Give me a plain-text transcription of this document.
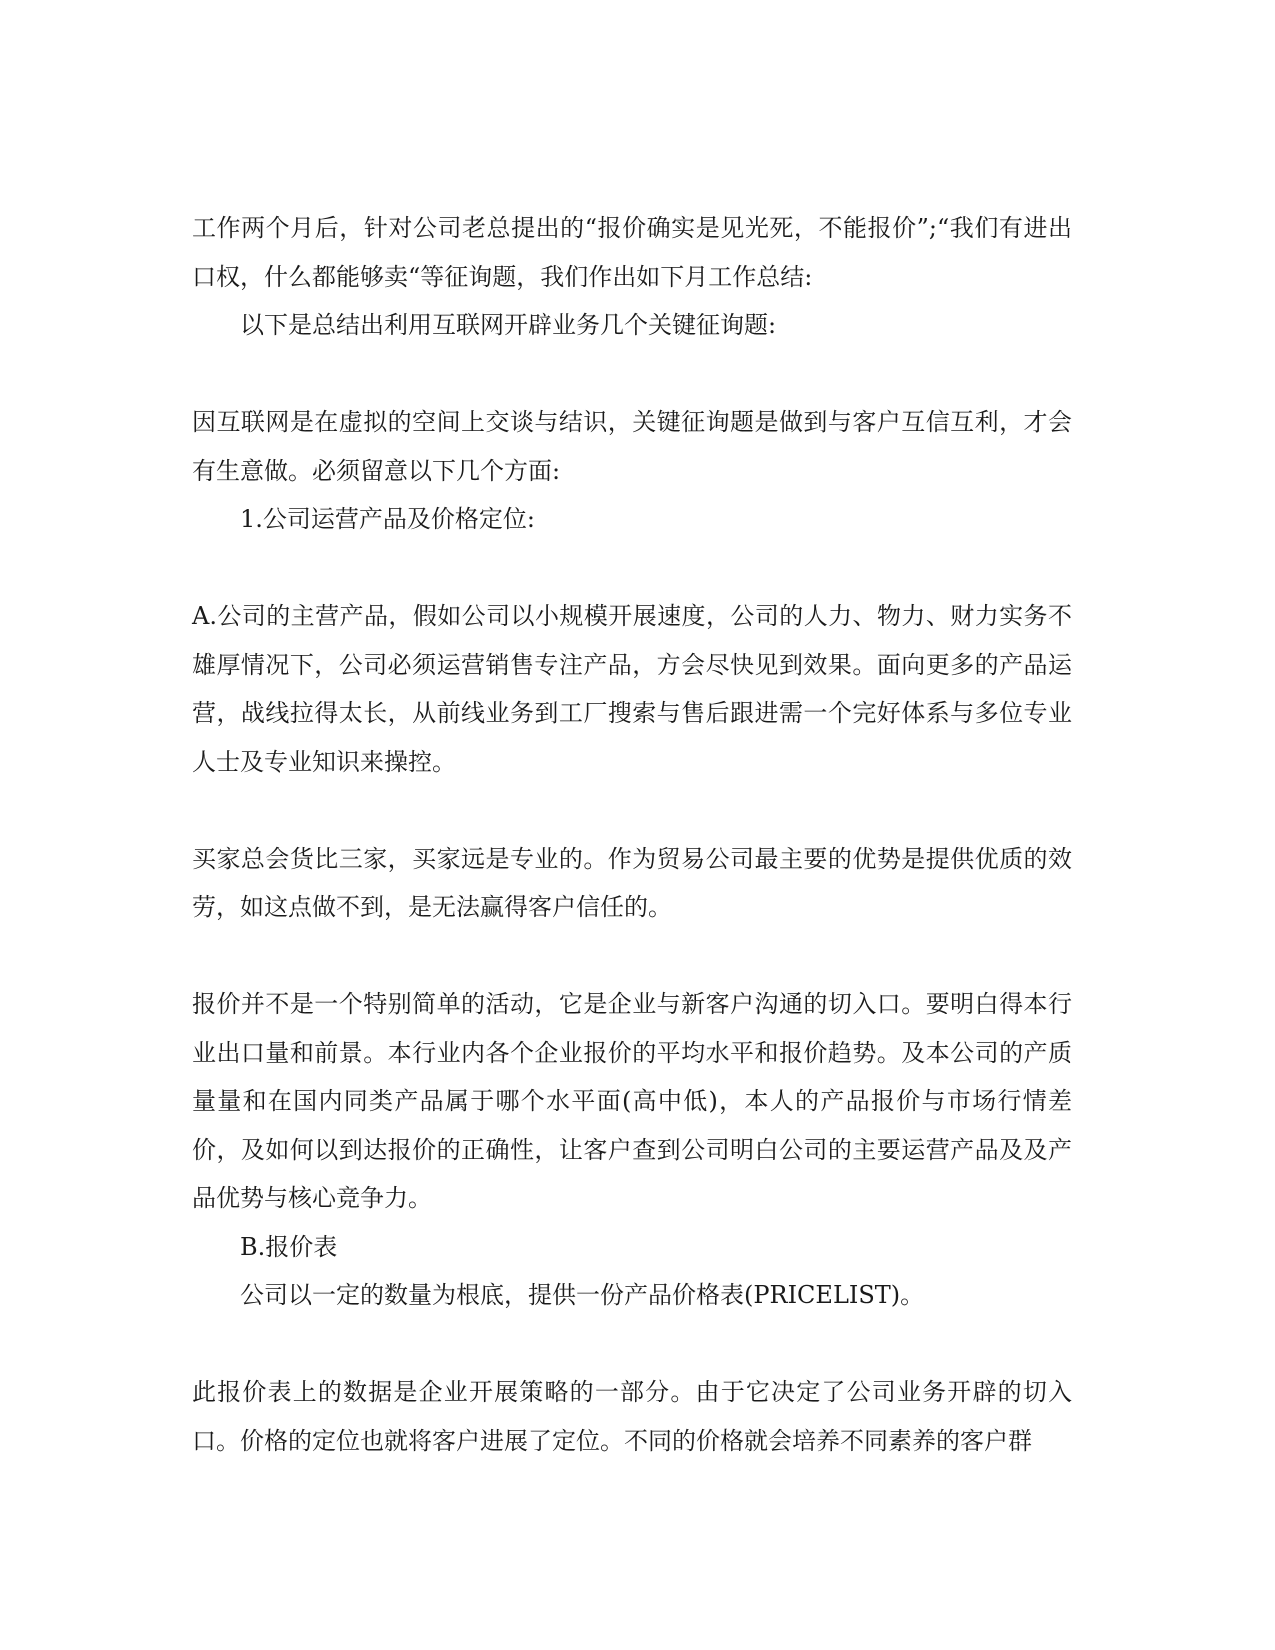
工作两个月后，针对公司老总提出的“报价确实是见光死，不能报价”;“我们有进出口权，什么都能够卖“等征询题，我们作出如下月工作总结:

以下是总结出利用互联网开辟业务几个关键征询题:

因互联网是在虚拟的空间上交谈与结识，关键征询题是做到与客户互信互利，才会有生意做。必须留意以下几个方面:

1.公司运营产品及价格定位:

A.公司的主营产品，假如公司以小规模开展速度，公司的人力、物力、财力实务不雄厚情况下，公司必须运营销售专注产品，方会尽快见到效果。面向更多的产品运营，战线拉得太长，从前线业务到工厂搜索与售后跟进需一个完好体系与多位专业人士及专业知识来操控。

买家总会货比三家，买家远是专业的。作为贸易公司最主要的优势是提供优质的效劳，如这点做不到，是无法赢得客户信任的。

报价并不是一个特别简单的活动，它是企业与新客户沟通的切入口。要明白得本行业出口量和前景。本行业内各个企业报价的平均水平和报价趋势。及本公司的产质量量和在国内同类产品属于哪个水平面(高中低)，本人的产品报价与市场行情差价，及如何以到达报价的正确性，让客户查到公司明白公司的主要运营产品及及产品优势与核心竞争力。

B.报价表

公司以一定的数量为根底，提供一份产品价格表(PRICELIST)。

此报价表上的数据是企业开展策略的一部分。由于它决定了公司业务开辟的切入口。价格的定位也就将客户进展了定位。不同的价格就会培养不同素养的客户群
